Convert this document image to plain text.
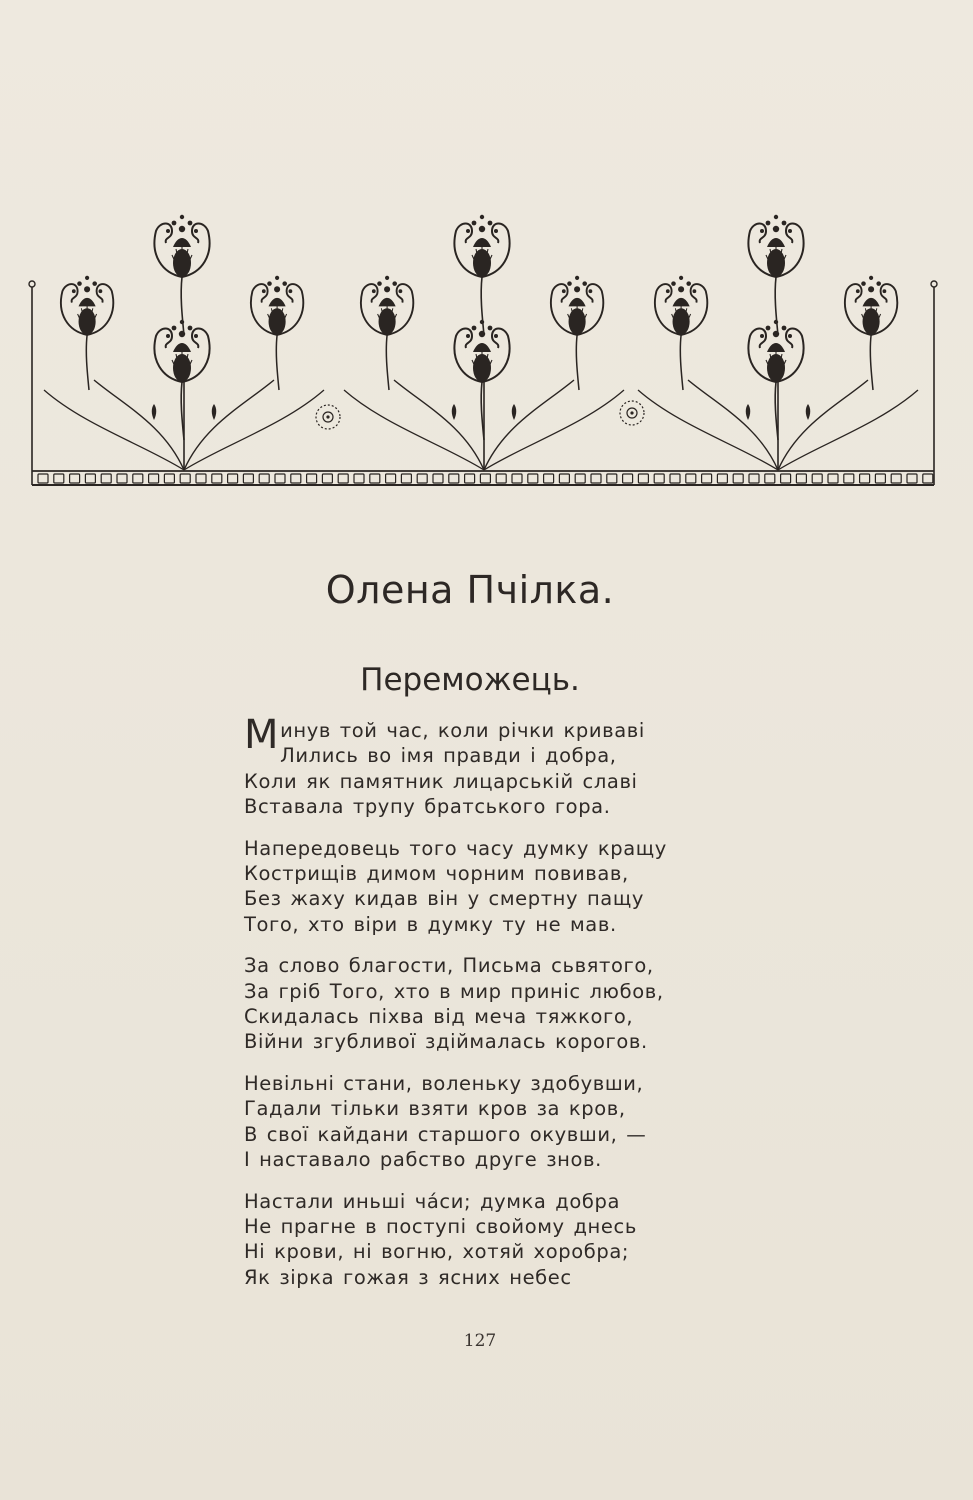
Олена Пчілка.
Переможець.
Минув той час, коли річки криваві
Лились во імя правди і добра,
Коли як памятник лицарській славі
Вставала трупу братського гора.
Напередовець того часу думку кращу
Кострищів димом чорним повивав,
Без жаху кидав він у смертну пащу
Того, хто віри в думку ту не мав.
За слово благости, Письма сьвятого,
За гріб Того, хто в мир приніс любов,
Скидалась піхва від меча тяжкого,
Війни згубливої здіймалась корогов.
Невільні стани, воленьку здобувши,
Гадали тільки взяти кров за кров,
В свої кайдани старшого окувши, —
І наставало рабство друге знов.
Настали иньші ча́си; думка добра
Не прагне в поступі свойому днесь
Ні крови, ні вогню, хотяй хоробра;
Як зірка гожая з ясних небес
127
